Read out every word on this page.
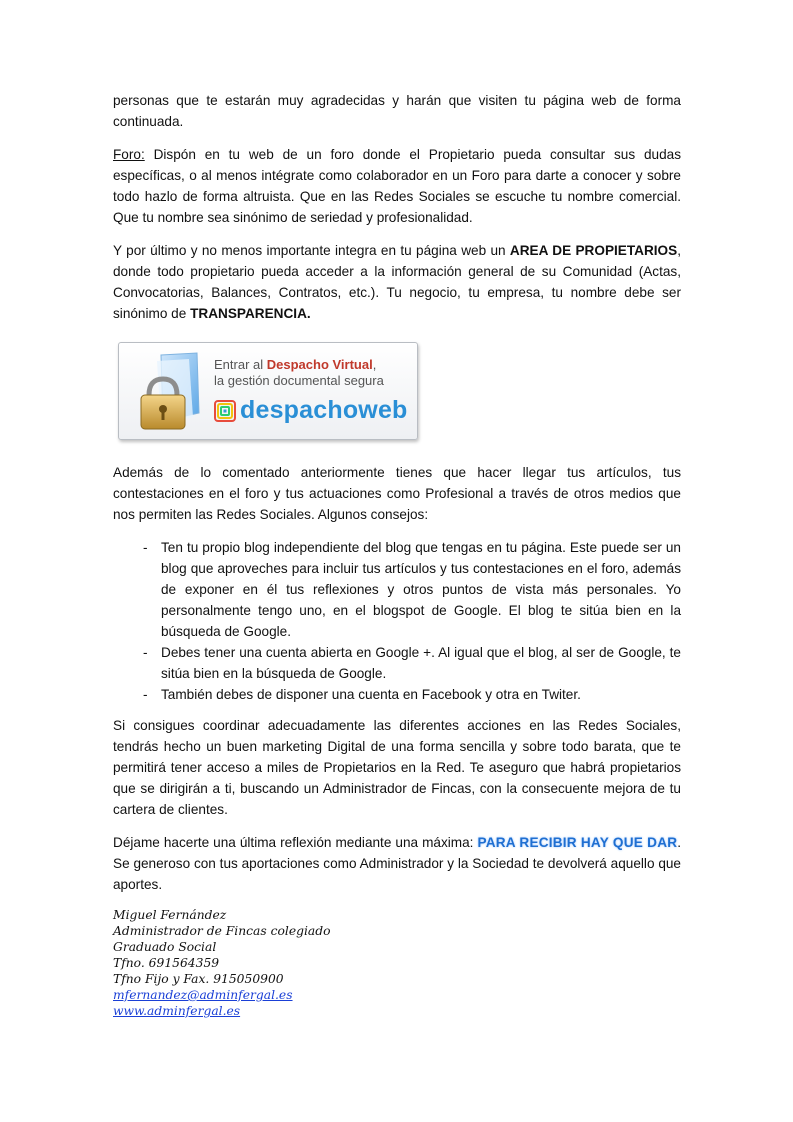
personas que te estarán muy agradecidas y harán que visiten tu página web de forma continuada.

Foro: Dispón en tu web de un foro donde el Propietario pueda consultar sus dudas específicas, o al menos intégrate como colaborador en un Foro para darte a conocer y sobre todo hazlo de forma altruista. Que en las Redes Sociales se escuche tu nombre comercial. Que tu nombre sea sinónimo de seriedad y profesionalidad.

Y por último y no menos importante integra en tu página web un AREA DE PROPIETARIOS, donde todo propietario pueda acceder a la información general de su Comunidad (Actas, Convocatorias, Balances, Contratos, etc.). Tu negocio, tu empresa, tu nombre debe ser sinónimo de TRANSPARENCIA.

Entrar al Despacho Virtual,
la gestión documental segura
despachoweb

Además de lo comentado anteriormente tienes que hacer llegar tus artículos, tus contestaciones en el foro y tus actuaciones como Profesional a través de otros medios que nos permiten las Redes Sociales. Algunos consejos:

- Ten tu propio blog independiente del blog que tengas en tu página. Este puede ser un blog que aproveches para incluir tus artículos y tus contestaciones en el foro, además de exponer en él tus reflexiones y otros puntos de vista más personales. Yo personalmente tengo uno, en el blogspot de Google. El blog te sitúa bien en la búsqueda de Google.
- Debes tener una cuenta abierta en Google +. Al igual que el blog, al ser de Google, te sitúa bien en la búsqueda de Google.
- También debes de disponer una cuenta en Facebook y otra en Twiter.

Si consigues coordinar adecuadamente las diferentes acciones en las Redes Sociales, tendrás hecho un buen marketing Digital de una forma sencilla y sobre todo barata, que te permitirá tener acceso a miles de Propietarios en la Red. Te aseguro que habrá propietarios que se dirigirán a ti, buscando un Administrador de Fincas, con la consecuente mejora de tu cartera de clientes.

Déjame hacerte una última reflexión mediante una máxima: PARA RECIBIR HAY QUE DAR. Se generoso con tus aportaciones como Administrador y la Sociedad te devolverá aquello que aportes.

Miguel Fernández
Administrador de Fincas colegiado
Graduado Social
Tfno. 691564359
Tfno Fijo y Fax. 915050900
mfernandez@adminfergal.es
www.adminfergal.es
